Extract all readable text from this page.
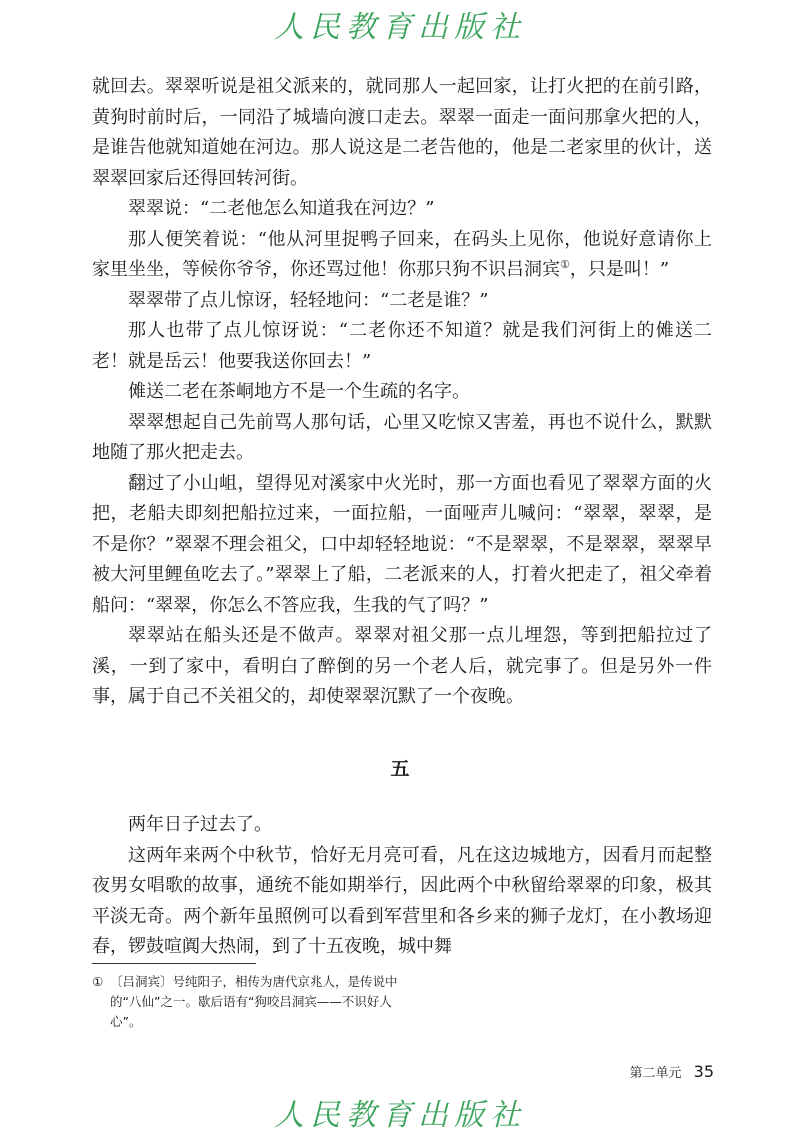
人民教育出版社

就回去。翠翠听说是祖父派来的，就同那人一起回家，让打火把的在前引路，黄狗时前时后，一同沿了城墙向渡口走去。翠翠一面走一面问那拿火把的人，是谁告他就知道她在河边。那人说这是二老告他的，他是二老家里的伙计，送翠翠回家后还得回转河街。

翠翠说：“二老他怎么知道我在河边？”

那人便笑着说：“他从河里捉鸭子回来，在码头上见你，他说好意请你上家里坐坐，等候你爷爷，你还骂过他！你那只狗不识吕洞宾①，只是叫！”

翠翠带了点儿惊讶，轻轻地问：“二老是谁？”

那人也带了点儿惊讶说：“二老你还不知道？就是我们河街上的傩送二老！就是岳云！他要我送你回去！”

傩送二老在茶峒地方不是一个生疏的名字。

翠翠想起自己先前骂人那句话，心里又吃惊又害羞，再也不说什么，默默地随了那火把走去。

翻过了小山岨，望得见对溪家中火光时，那一方面也看见了翠翠方面的火把，老船夫即刻把船拉过来，一面拉船，一面哑声儿喊问：“翠翠，翠翠，是不是你？”翠翠不理会祖父，口中却轻轻地说：“不是翠翠，不是翠翠，翠翠早被大河里鲤鱼吃去了。”翠翠上了船，二老派来的人，打着火把走了，祖父牵着船问：“翠翠，你怎么不答应我，生我的气了吗？”

翠翠站在船头还是不做声。翠翠对祖父那一点儿埋怨，等到把船拉过了溪，一到了家中，看明白了醉倒的另一个老人后，就完事了。但是另外一件事，属于自己不关祖父的，却使翠翠沉默了一个夜晚。

五

两年日子过去了。

这两年来两个中秋节，恰好无月亮可看，凡在这边城地方，因看月而起整夜男女唱歌的故事，通统不能如期举行，因此两个中秋留给翠翠的印象，极其平淡无奇。两个新年虽照例可以看到军营里和各乡来的狮子龙灯，在小教场迎春，锣鼓喧阗大热闹，到了十五夜晚，城中舞

① 〔吕洞宾〕号纯阳子，相传为唐代京兆人，是传说中的“八仙”之一。歇后语有“狗咬吕洞宾——不识好人心”。
第二单元 35
人民教育出版社
